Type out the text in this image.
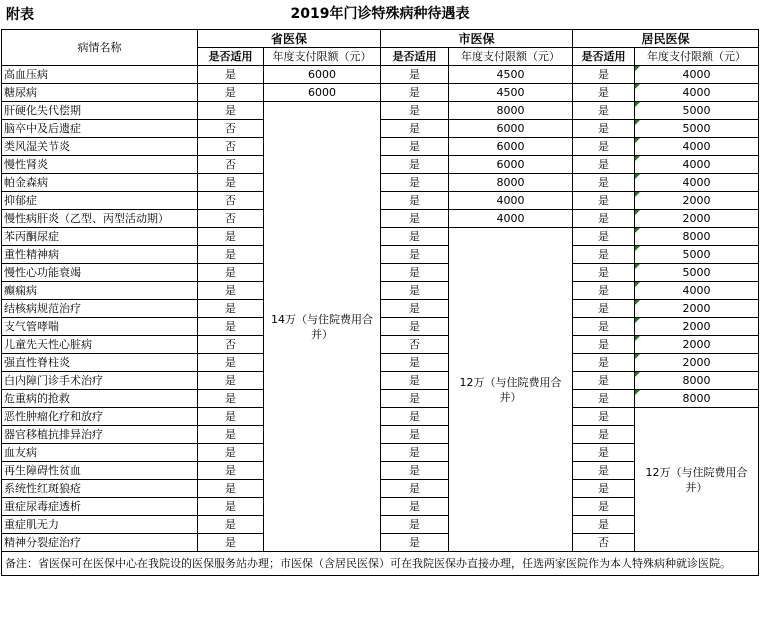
附表	2019年门诊特殊病种待遇表
病情名称	省医保		市医保		居民医保	
	是否适用	年度支付限额（元）	是否适用	年度支付限额（元）	是否适用	年度支付限额（元）
高血压病	是	6000	是	4500	是	4000
糖尿病	是	6000	是	4500	是	4000
肝硬化失代偿期	是	14万（与住院费用合并）	是	8000	是	5000
脑卒中及后遗症	否		是	6000	是	5000
类风湿关节炎	否		是	6000	是	4000
慢性肾炎	否		是	6000	是	4000
帕金森病	是		是	8000	是	4000
抑郁症	否		是	4000	是	2000
慢性病肝炎（乙型、丙型活动期）	否		是	4000	是	2000
苯丙酮尿症	是		是	12万（与住院费用合并）	是	8000
重性精神病	是		是		是	5000
慢性心功能衰竭	是		是		是	5000
癫痫病	是		是		是	4000
结核病规范治疗	是		是		是	2000
支气管哮喘	是		是		是	2000
儿童先天性心脏病	否		否		是	2000
强直性脊柱炎	是		是		是	2000
白内障门诊手术治疗	是		是		是	8000
危重病的抢救	是		是		是	8000
恶性肿瘤化疗和放疗	是		是		是	12万（与住院费用合并）
器官移植抗排异治疗	是		是		是	
血友病	是		是		是	
再生障碍性贫血	是		是		是	
系统性红斑狼疮	是		是		是	
重症尿毒症透析	是		是		是	
重症肌无力	是		是		是	
精神分裂症治疗	是		是		否	
备注：省医保可在医保中心在我院设的医保服务站办理；市医保（含居民医保）可在我院医保办直接办理，任选两家医院作为本人特殊病种就诊医院。						
